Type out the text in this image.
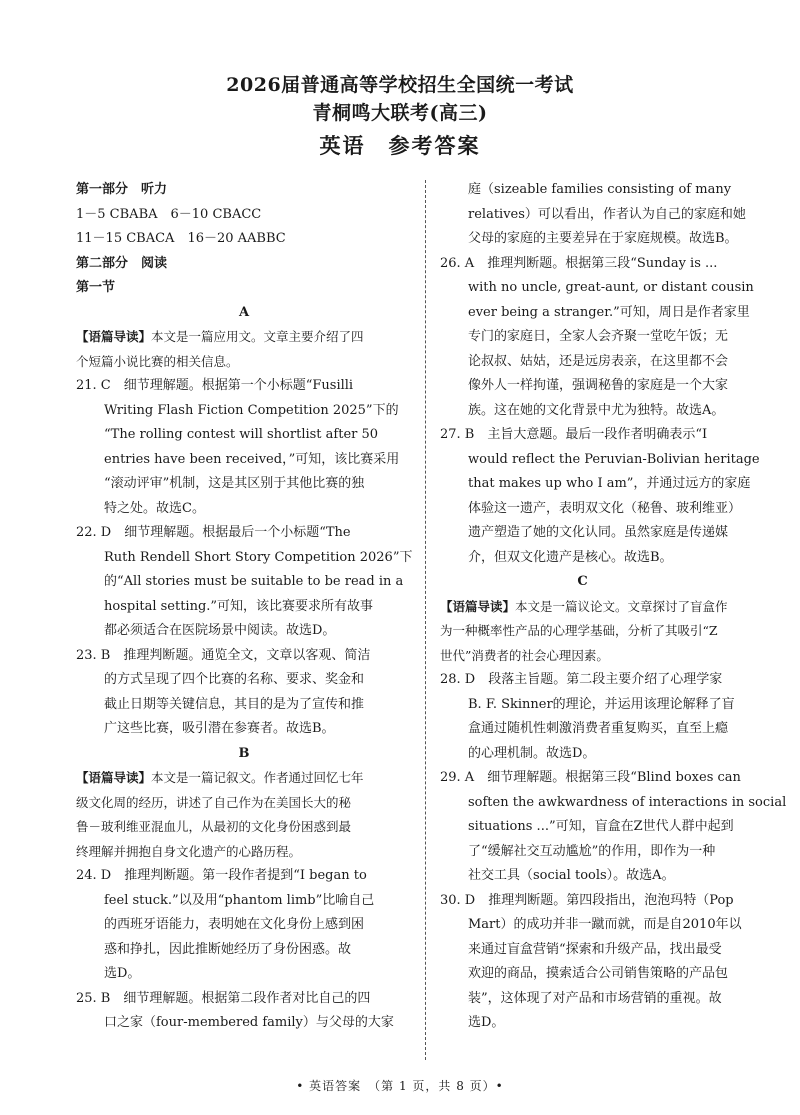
2026届普通高等学校招生全国统一考试
青桐鸣大联考(高三)
英语　参考答案
第一部分　听力
1－5 CBABA　6－10 CBACC
11－15 CBACA　16－20 AABBC
第二部分　阅读
第一节
A
【语篇导读】本文是一篇应用文。文章主要介绍了四
个短篇小说比赛的相关信息。
21. C　细节理解题。根据第一个小标题“Fusilli
Writing Flash Fiction Competition 2025”下的
“The rolling contest will shortlist after 50
entries have been received，”可知，该比赛采用
“滚动评审”机制，这是其区别于其他比赛的独
特之处。故选C。
22. D　细节理解题。根据最后一个小标题“The
Ruth Rendell Short Story Competition 2026”下
的“All stories must be suitable to be read in a
hospital setting.”可知，该比赛要求所有故事
都必须适合在医院场景中阅读。故选D。
23. B　推理判断题。通览全文，文章以客观、简洁
的方式呈现了四个比赛的名称、要求、奖金和
截止日期等关键信息，其目的是为了宣传和推
广这些比赛，吸引潜在参赛者。故选B。
B
【语篇导读】本文是一篇记叙文。作者通过回忆七年
级文化周的经历，讲述了自己作为在美国长大的秘
鲁－玻利维亚混血儿，从最初的文化身份困惑到最
终理解并拥抱自身文化遗产的心路历程。
24. D　推理判断题。第一段作者提到“I began to
feel stuck.”以及用“phantom limb”比喻自己
的西班牙语能力，表明她在文化身份上感到困
惑和挣扎，因此推断她经历了身份困惑。故
选D。
25. B　细节理解题。根据第二段作者对比自己的四
口之家（four-membered family）与父母的大家
庭（sizeable families consisting of many
relatives）可以看出，作者认为自己的家庭和她
父母的家庭的主要差异在于家庭规模。故选B。
26. A　推理判断题。根据第三段“Sunday is ...
with no uncle, great-aunt, or distant cousin
ever being a stranger.”可知，周日是作者家里
专门的家庭日，全家人会齐聚一堂吃午饭；无
论叔叔、姑姑，还是远房表亲，在这里都不会
像外人一样拘谨，强调秘鲁的家庭是一个大家
族。这在她的文化背景中尤为独特。故选A。
27. B　主旨大意题。最后一段作者明确表示“I
would reflect the Peruvian-Bolivian heritage
that makes up who I am”，并通过远方的家庭
体验这一遗产，表明双文化（秘鲁、玻利维亚）
遗产塑造了她的文化认同。虽然家庭是传递媒
介，但双文化遗产是核心。故选B。
C
【语篇导读】本文是一篇议论文。文章探讨了盲盒作
为一种概率性产品的心理学基础，分析了其吸引“Z
世代”消费者的社会心理因素。
28. D　段落主旨题。第二段主要介绍了心理学家
B. F. Skinner的理论，并运用该理论解释了盲
盒通过随机性刺激消费者重复购买，直至上瘾
的心理机制。故选D。
29. A　细节理解题。根据第三段“Blind boxes can
soften the awkwardness of interactions in social
situations ...”可知，盲盒在Z世代人群中起到
了“缓解社交互动尴尬”的作用，即作为一种
社交工具（social tools）。故选A。
30. D　推理判断题。第四段指出，泡泡玛特（Pop
Mart）的成功并非一蹴而就，而是自2010年以
来通过盲盒营销“探索和升级产品，找出最受
欢迎的商品，摸索适合公司销售策略的产品包
装”，这体现了对产品和市场营销的重视。故
选D。
• 英语答案　（第 1 页，共 8 页）•
